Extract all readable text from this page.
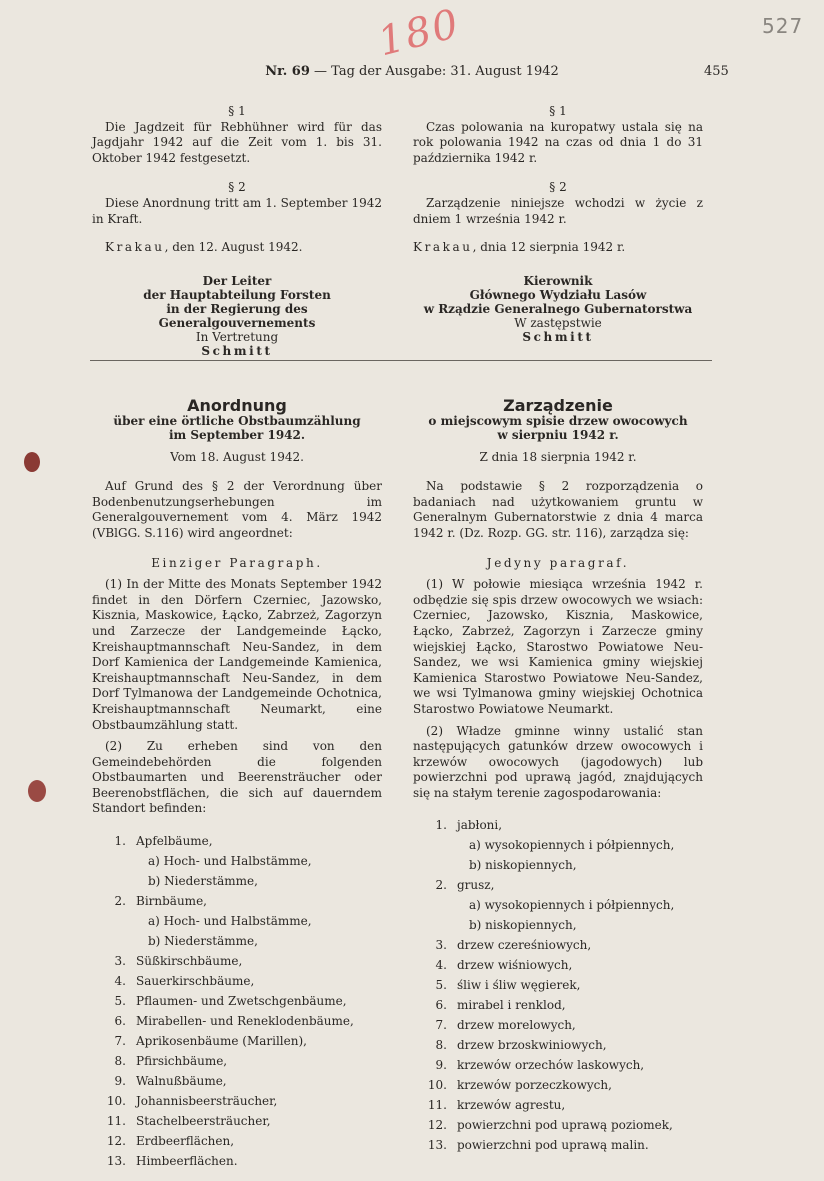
180	527
Nr. 69 — Tag der Ausgabe: 31. August 1942	455

§ 1

Die Jagdzeit für Rebhühner wird für das Jagdjahr 1942 auf die Zeit vom 1. bis 31. Oktober 1942 festgesetzt.

§ 2

Diese Anordnung tritt am 1. September 1942 in Kraft.

Krakau, den 12. August 1942.

Der Leiter
der Hauptabteilung Forsten
in der Regierung des Generalgouvernements
In Vertretung
Schmitt

§ 1

Czas polowania na kuropatwy ustala się na rok polowania 1942 na czas od dnia 1 do 31 października 1942 r.

§ 2

Zarządzenie niniejsze wchodzi w życie z dniem 1 września 1942 r.

Krakau, dnia 12 sierpnia 1942 r.

Kierownik
Głównego Wydziału Lasów
w Rządzie Generalnego Gubernatorstwa
W zastępstwie
Schmitt
Anordnung
über eine örtliche Obstbaumzählung
im September 1942.
Vom 18. August 1942.

Auf Grund des § 2 der Verordnung über Bodenbenutzungserhebungen im Generalgouvernement vom 4. März 1942 (VBlGG. S.116) wird angeordnet:

Einziger Paragraph.

(1) In der Mitte des Monats September 1942 findet in den Dörfern Czerniec, Jazowsko, Kisznia, Maskowice, Łącko, Zabrzeż, Zagorzyn und Zarzecze der Landgemeinde Łącko, Kreishauptmannschaft Neu-Sandez, in dem Dorf Kamienica der Landgemeinde Kamienica, Kreishauptmannschaft Neu-Sandez, in dem Dorf Tylmanowa der Landgemeinde Ochotnica, Kreishauptmannschaft Neumarkt, eine Obstbaumzählung statt.

(2) Zu erheben sind von den Gemeindebehörden die folgenden Obstbaumarten und Beerensträucher oder Beerenobstflächen, die sich auf dauerndem Standort befinden:

1. Apfelbäume,
a) Hoch- und Halbstämme,
b) Niederstämme,
2. Birnbäume,
a) Hoch- und Halbstämme,
b) Niederstämme,
3. Süßkirschbäume,
4. Sauerkirschbäume,
5. Pflaumen- und Zwetschgenbäume,
6. Mirabellen- und Reneklodenbäume,
7. Aprikosenbäume (Marillen),
8. Pfirsichbäume,
9. Walnußbäume,
10. Johannisbeersträucher,
11. Stachelbeersträucher,
12. Erdbeerflächen,
13. Himbeerflächen.
Zarządzenie
o miejscowym spisie drzew owocowych
w sierpniu 1942 r.
Z dnia 18 sierpnia 1942 r.

Na podstawie § 2 rozporządzenia o badaniach nad użytkowaniem gruntu w Generalnym Gubernatorstwie z dnia 4 marca 1942 r. (Dz. Rozp. GG. str. 116), zarządza się:

Jedyny paragraf.

(1) W połowie miesiąca września 1942 r. odbędzie się spis drzew owocowych we wsiach: Czerniec, Jazowsko, Kisznia, Maskowice, Łącko, Zabrzeż, Zagorzyn i Zarzecze gminy wiejskiej Łącko, Starostwo Powiatowe Neu-Sandez, we wsi Kamienica gminy wiejskiej Kamienica Starostwo Powiatowe Neu-Sandez, we wsi Tylmanowa gminy wiejskiej Ochotnica Starostwo Powiatowe Neumarkt.

(2) Władze gminne winny ustalić stan następujących gatunków drzew owocowych i krzewów owocowych (jagodowych) lub powierzchni pod uprawą jagód, znajdujących się na stałym terenie zagospodarowania:

1. jabłoni,
a) wysokopiennych i półpiennych,
b) niskopiennych,
2. grusz,
a) wysokopiennych i półpiennych,
b) niskopiennych,
3. drzew czereśniowych,
4. drzew wiśniowych,
5. śliw i śliw węgierek,
6. mirabel i renklod,
7. drzew morelowych,
8. drzew brzoskwiniowych,
9. krzewów orzechów laskowych,
10. krzewów porzeczkowych,
11. krzewów agrestu,
12. powierzchni pod uprawą poziomek,
13. powierzchni pod uprawą malin.
